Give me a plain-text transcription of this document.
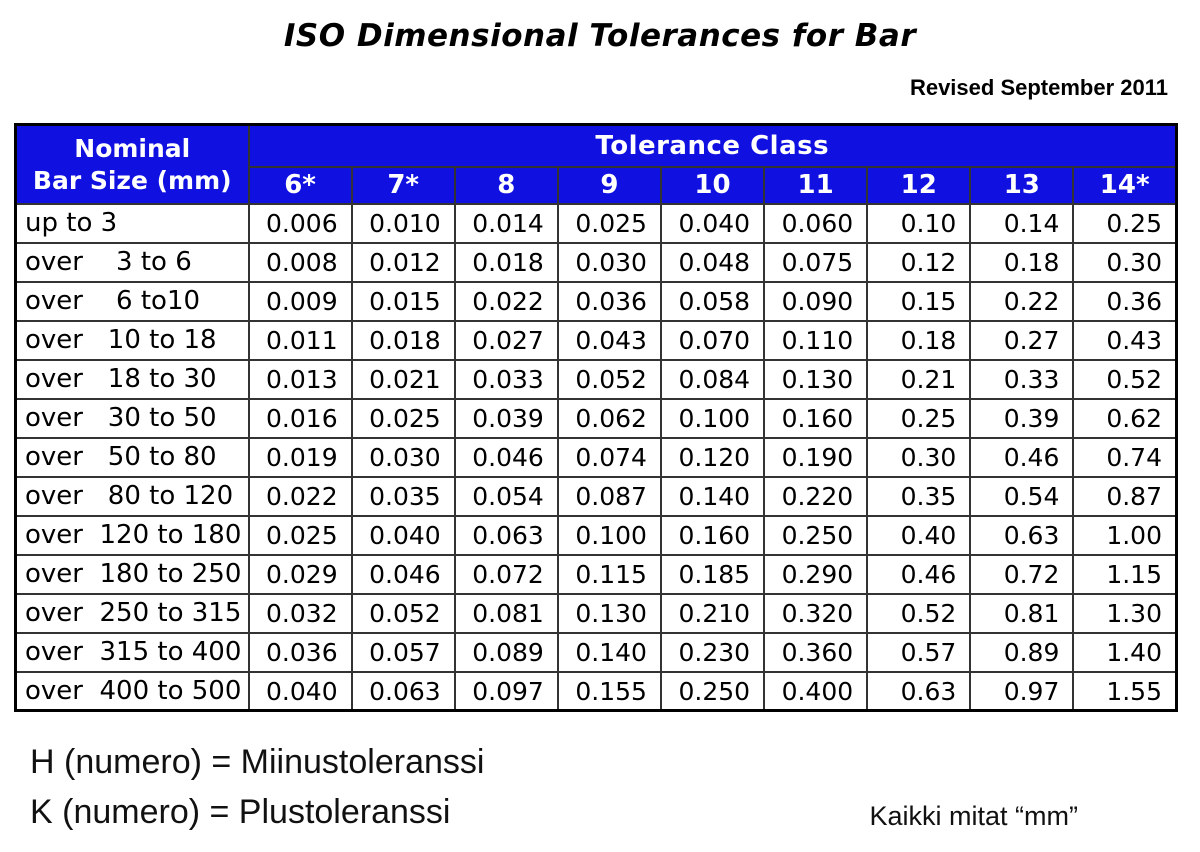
ISO Dimensional Tolerances for Bar
Revised September 2011
Nominal
Bar Size (mm)	Tolerance Class								
	6*	7*	8	9	10	11	12	13	14*
up to 3	0.006	0.010	0.014	0.025	0.040	0.060	0.10	0.14	0.25
over    3 to 6	0.008	0.012	0.018	0.030	0.048	0.075	0.12	0.18	0.30
over    6 to10	0.009	0.015	0.022	0.036	0.058	0.090	0.15	0.22	0.36
over   10 to 18	0.011	0.018	0.027	0.043	0.070	0.110	0.18	0.27	0.43
over   18 to 30	0.013	0.021	0.033	0.052	0.084	0.130	0.21	0.33	0.52
over   30 to 50	0.016	0.025	0.039	0.062	0.100	0.160	0.25	0.39	0.62
over   50 to 80	0.019	0.030	0.046	0.074	0.120	0.190	0.30	0.46	0.74
over   80 to 120	0.022	0.035	0.054	0.087	0.140	0.220	0.35	0.54	0.87
over  120 to 180	0.025	0.040	0.063	0.100	0.160	0.250	0.40	0.63	1.00
over  180 to 250	0.029	0.046	0.072	0.115	0.185	0.290	0.46	0.72	1.15
over  250 to 315	0.032	0.052	0.081	0.130	0.210	0.320	0.52	0.81	1.30
over  315 to 400	0.036	0.057	0.089	0.140	0.230	0.360	0.57	0.89	1.40
over  400 to 500	0.040	0.063	0.097	0.155	0.250	0.400	0.63	0.97	1.55
H (numero) = Miinustoleranssi
K (numero) = Plustoleranssi	Kaikki mitat “mm”
